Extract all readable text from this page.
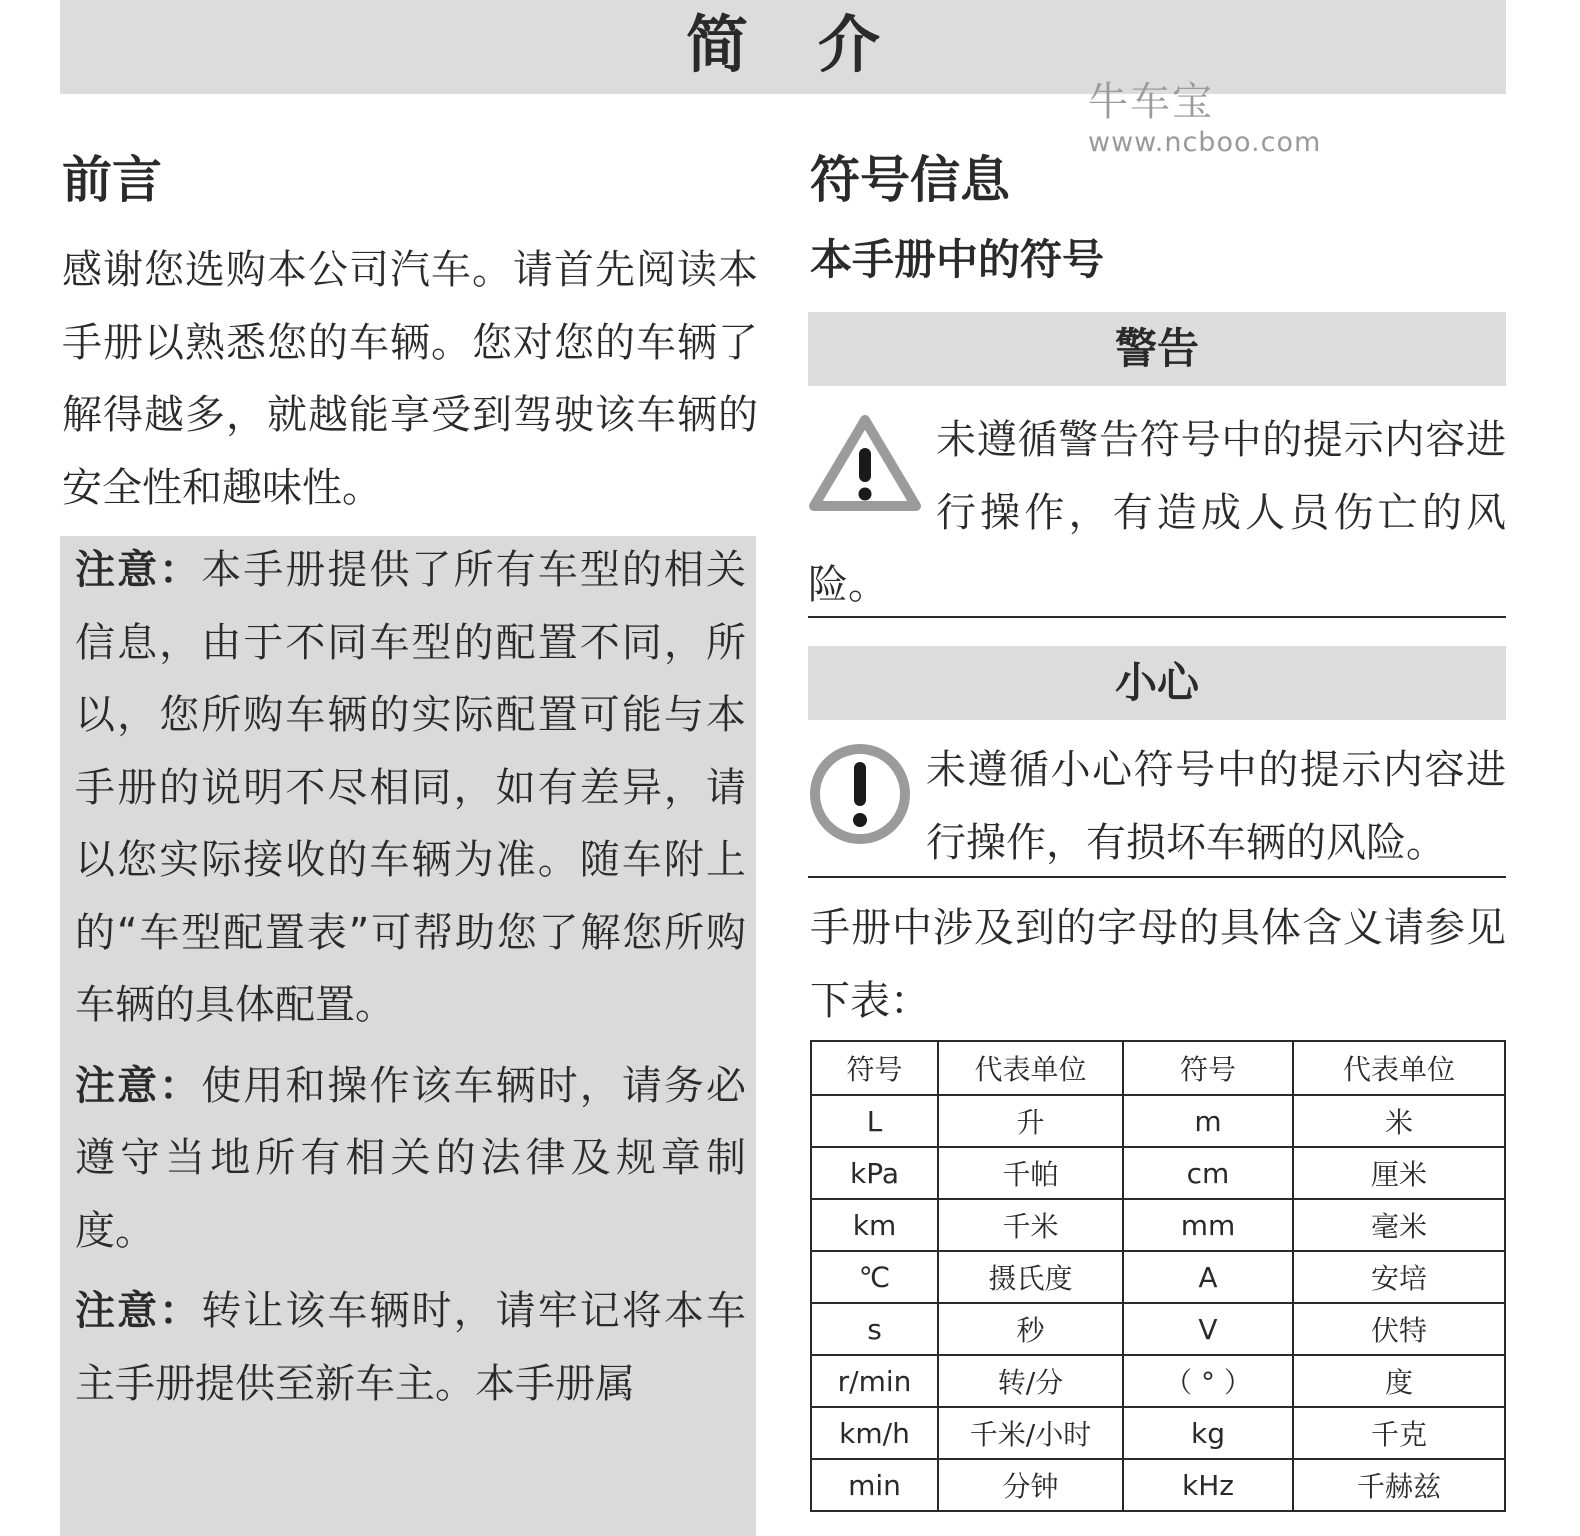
简介
牛车宝
www.ncboo.com
前言

感谢您选购本公司汽车。请首先阅读本手册以熟悉您的车辆。您对您的车辆了解得越多，就越能享受到驾驶该车辆的安全性和趣味性。

注意：本手册提供了所有车型的相关信息，由于不同车型的配置不同，所以，您所购车辆的实际配置可能与本手册的说明不尽相同，如有差异，请以您实际接收的车辆为准。随车附上的“车型配置表”可帮助您了解您所购车辆的具体配置。

注意：使用和操作该车辆时，请务必遵守当地所有相关的法律及规章制度。

注意：转让该车辆时，请牢记将本车主手册提供至新车主。本手册属

符号信息
本手册中的符号
警告
未遵循警告符号中的提示内容进行操作，有造成人员伤亡的风险。
小心
未遵循小心符号中的提示内容进行操作，有损坏车辆的风险。

手册中涉及到的字母的具体含义请参见下表：

符号	代表单位	符号	代表单位
L	升	m	米
kPa	千帕	cm	厘米
km	千米	mm	毫米
℃	摄氏度	A	安培
s	秒	V	伏特
r/min	转/分	（ ° ）	度
km/h	千米/小时	kg	千克
min	分钟	kHz	千赫兹
